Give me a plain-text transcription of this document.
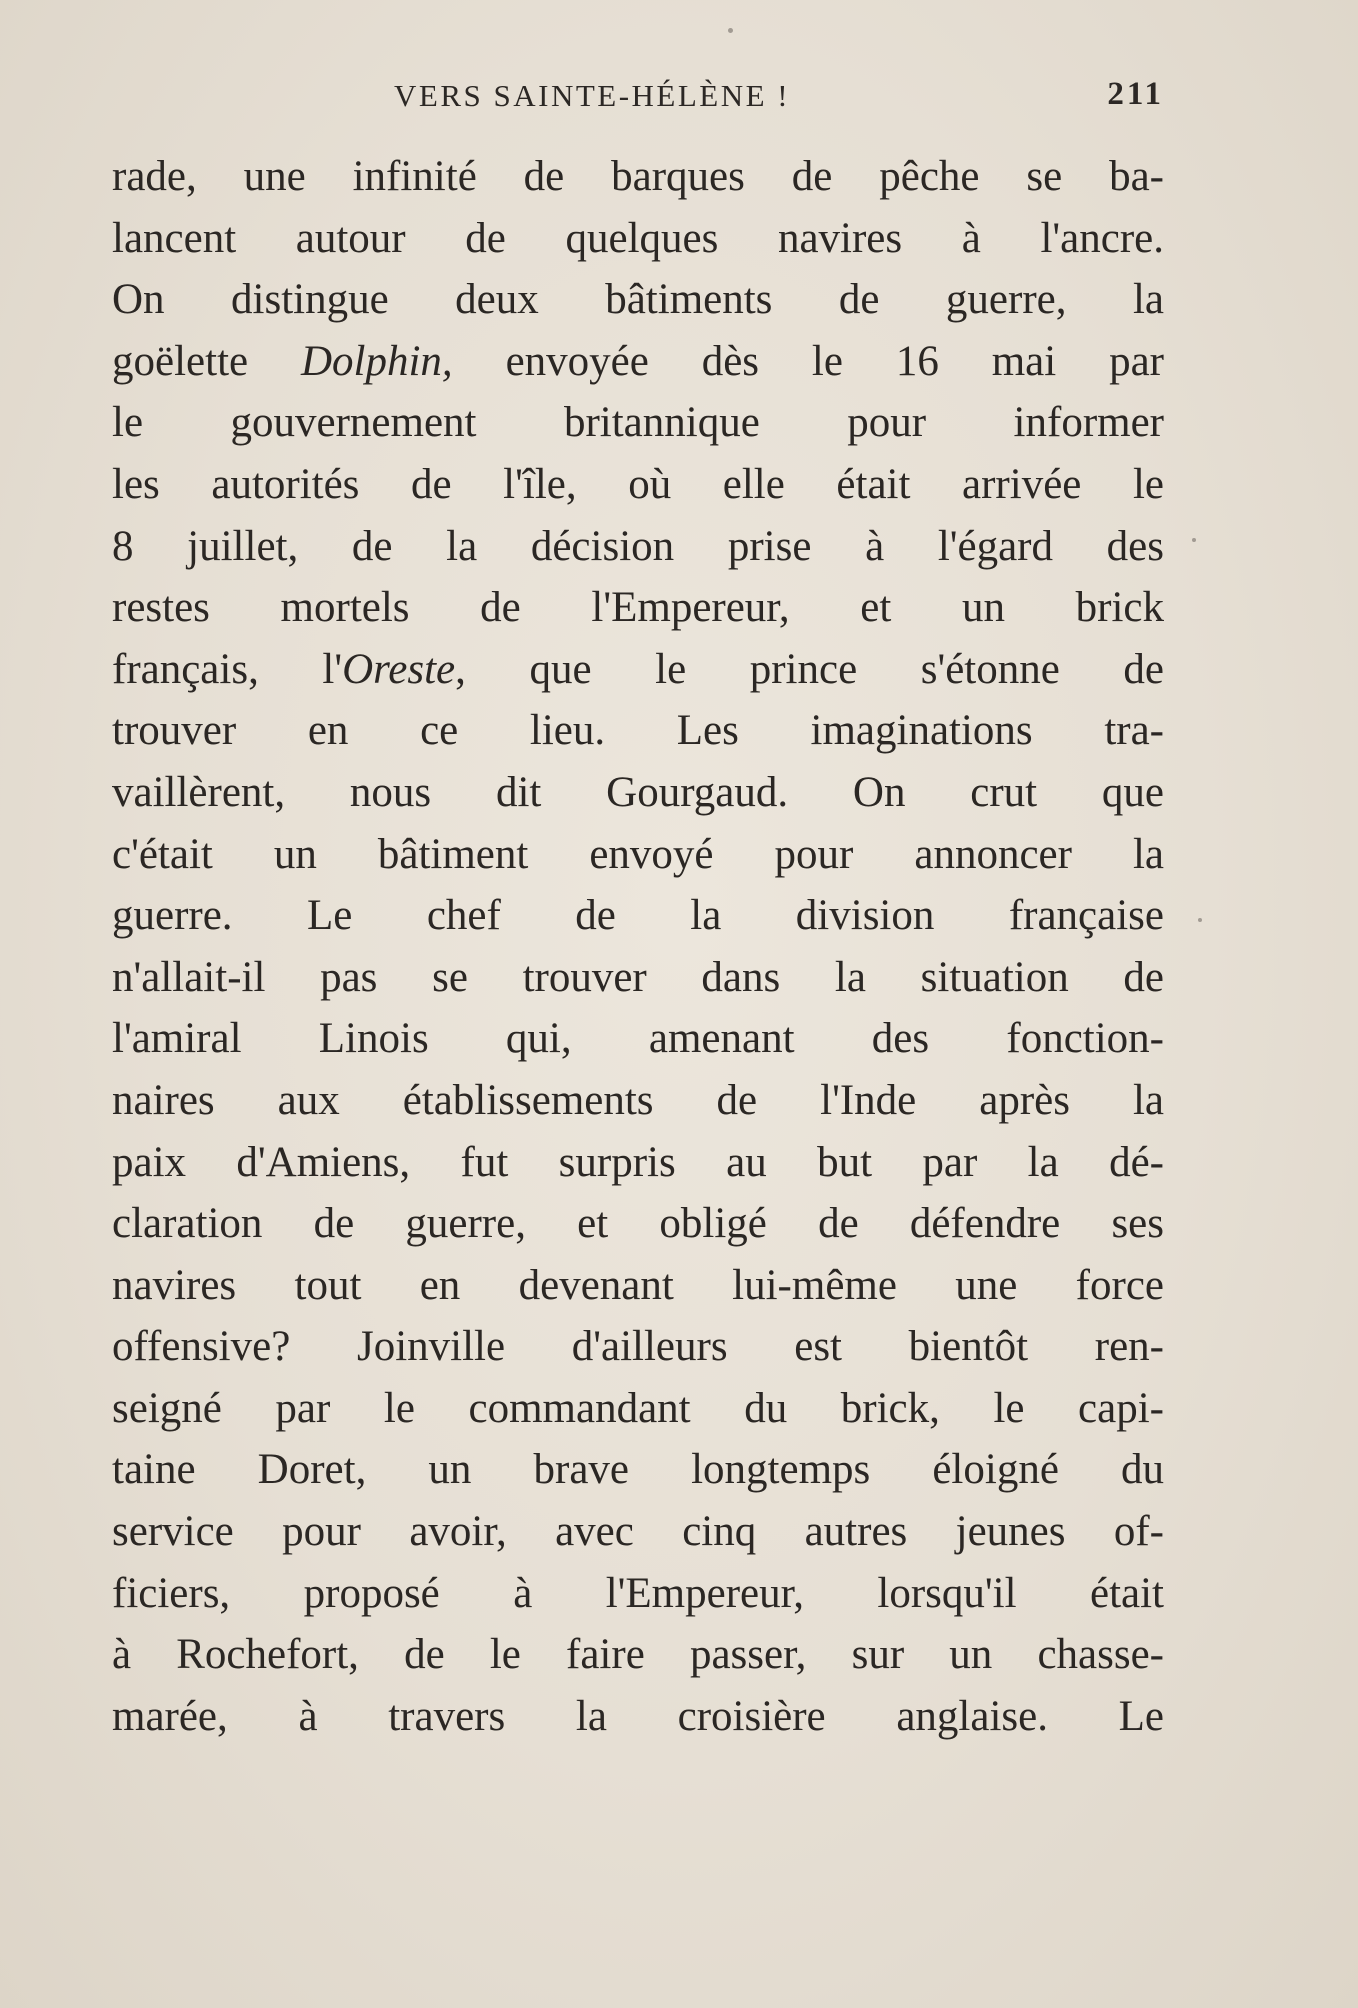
VERS SAINTE-HÉLÈNE !	211
rade, une infinité de barques de pêche se ba-
lancent autour de quelques navires à l'ancre.
On distingue deux bâtiments de guerre, la
goëlette Dolphin, envoyée dès le 16 mai par
le gouvernement britannique pour informer
les autorités de l'île, où elle était arrivée le
8 juillet, de la décision prise à l'égard des
restes mortels de l'Empereur, et un brick
français, l'Oreste, que le prince s'étonne de
trouver en ce lieu. Les imaginations tra-
vaillèrent, nous dit Gourgaud. On crut que
c'était un bâtiment envoyé pour annoncer la
guerre. Le chef de la division française
n'allait-il pas se trouver dans la situation de
l'amiral Linois qui, amenant des fonction-
naires aux établissements de l'Inde après la
paix d'Amiens, fut surpris au but par la dé-
claration de guerre, et obligé de défendre ses
navires tout en devenant lui-même une force
offensive? Joinville d'ailleurs est bientôt ren-
seigné par le commandant du brick, le capi-
taine Doret, un brave longtemps éloigné du
service pour avoir, avec cinq autres jeunes of-
ficiers, proposé à l'Empereur, lorsqu'il était
à Rochefort, de le faire passer, sur un chasse-
marée, à travers la croisière anglaise. Le
